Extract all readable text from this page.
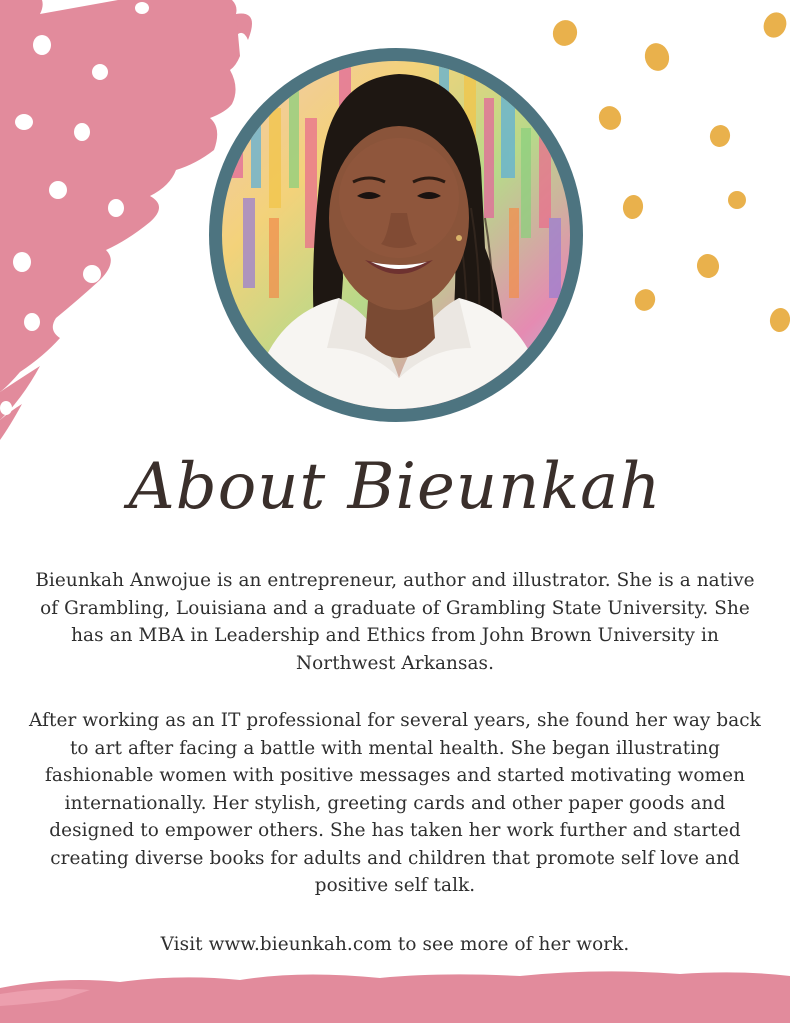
About Bieunkah

Bieunkah Anwojue is an entrepreneur, author and illustrator. She is a native of Grambling, Louisiana and a graduate of Grambling State University. She has an MBA in Leadership and Ethics from John Brown University in Northwest Arkansas.

After working as an IT professional for several years, she found her way back to art after facing a battle with mental health. She began illustrating fashionable women with positive messages and started motivating women internationally. Her stylish, greeting cards and other paper goods and designed to empower others. She has taken her work further and started creating diverse books for adults and children that promote self love and positive self talk.

Visit www.bieunkah.com to see more of her work.
